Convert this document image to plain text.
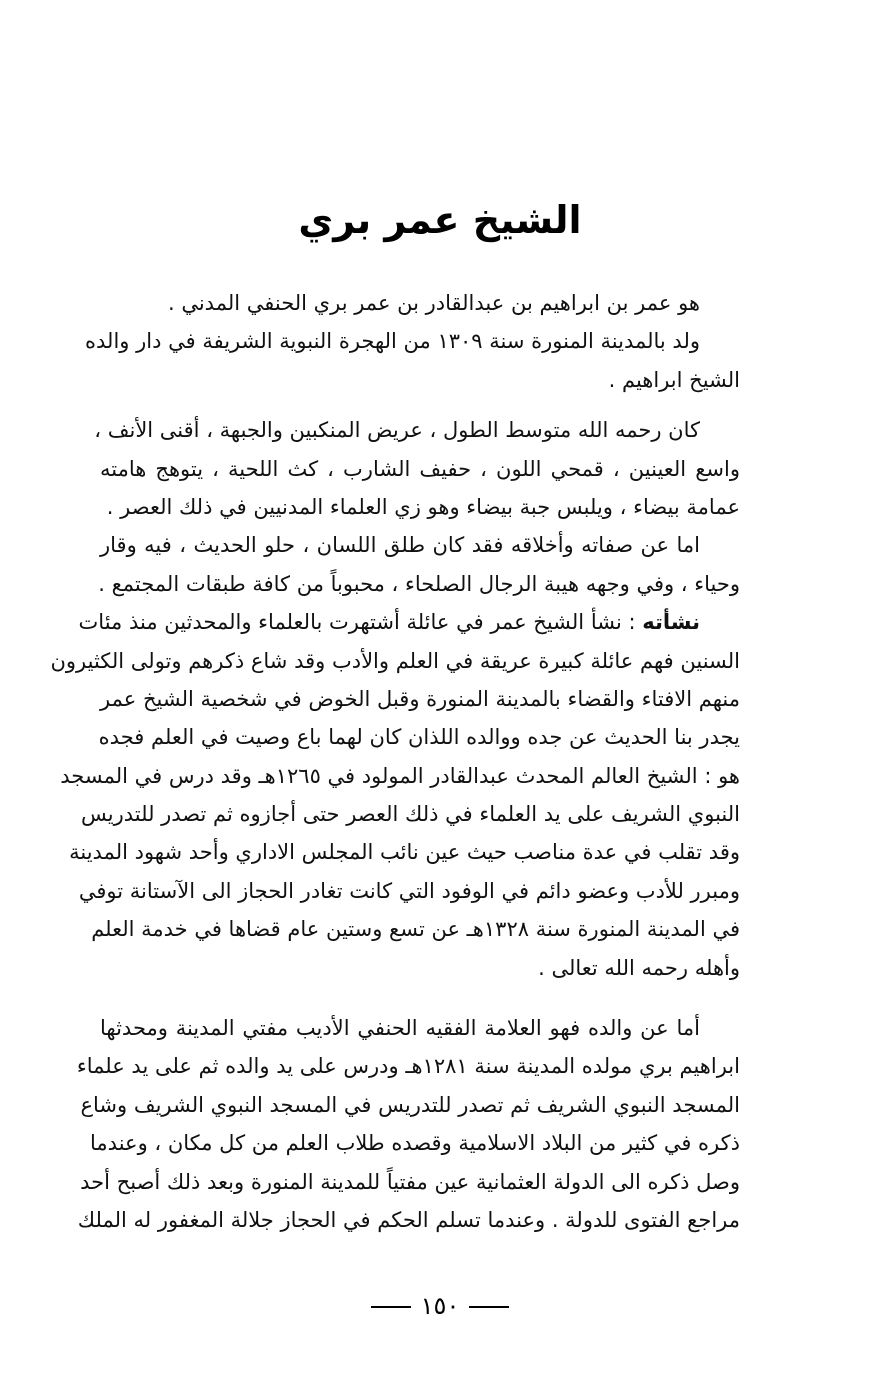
الشيخ عمر بري
هو عمر بن ابراهيم بن عبدالقادر بن عمر بري الحنفي المدني .
ولد بالمدينة المنورة سنة ١٣٠٩ من الهجرة النبوية الشريفة في دار والده
الشيخ ابراهيم .
كان رحمه الله متوسط الطول ، عريض المنكبين والجبهة ، أقنى الأنف ،
واسع العينين ، قمحي اللون ، حفيف الشارب ، كث اللحية ، يتوهج هامته
عمامة بيضاء ، ويلبس جبة بيضاء وهو زي العلماء المدنيين في ذلك العصر .
اما عن صفاته وأخلاقه فقد كان طلق اللسان ، حلو الحديث ، فيه وقار
وحياء ، وفي وجهه هيبة الرجال الصلحاء ، محبوباً من كافة طبقات المجتمع .
نشأته : نشأ الشيخ عمر في عائلة أشتهرت بالعلماء والمحدثين منذ مئات
السنين فهم عائلة كبيرة عريقة في العلم والأدب وقد شاع ذكرهم وتولى الكثيرون
منهم الافتاء والقضاء بالمدينة المنورة وقبل الخوض في شخصية الشيخ عمر
يجدر بنا الحديث عن جده ووالده اللذان كان لهما باع وصيت في العلم فجده
هو : الشيخ العالم المحدث عبدالقادر المولود في ١٢٦٥هـ وقد درس في المسجد
النبوي الشريف على يد العلماء في ذلك العصر حتى أجازوه ثم تصدر للتدريس
وقد تقلب في عدة مناصب حيث عين نائب المجلس الاداري وأحد شهود المدينة
ومبرر للأدب وعضو دائم في الوفود التي كانت تغادر الحجاز الى الآستانة توفي
في المدينة المنورة سنة ١٣٢٨هـ عن تسع وستين عام قضاها في خدمة العلم
وأهله رحمه الله تعالى .
أما عن والده فهو العلامة الفقيه الحنفي الأديب مفتي المدينة ومحدثها
ابراهيم بري مولده المدينة سنة ١٢٨١هـ ودرس على يد والده ثم على يد علماء
المسجد النبوي الشريف ثم تصدر للتدريس في المسجد النبوي الشريف وشاع
ذكره في كثير من البلاد الاسلامية وقصده طلاب العلم من كل مكان ، وعندما
وصل ذكره الى الدولة العثمانية عين مفتياً للمدينة المنورة وبعد ذلك أصبح أحد
مراجع الفتوى للدولة . وعندما تسلم الحكم في الحجاز جلالة المغفور له الملك
١٥٠
